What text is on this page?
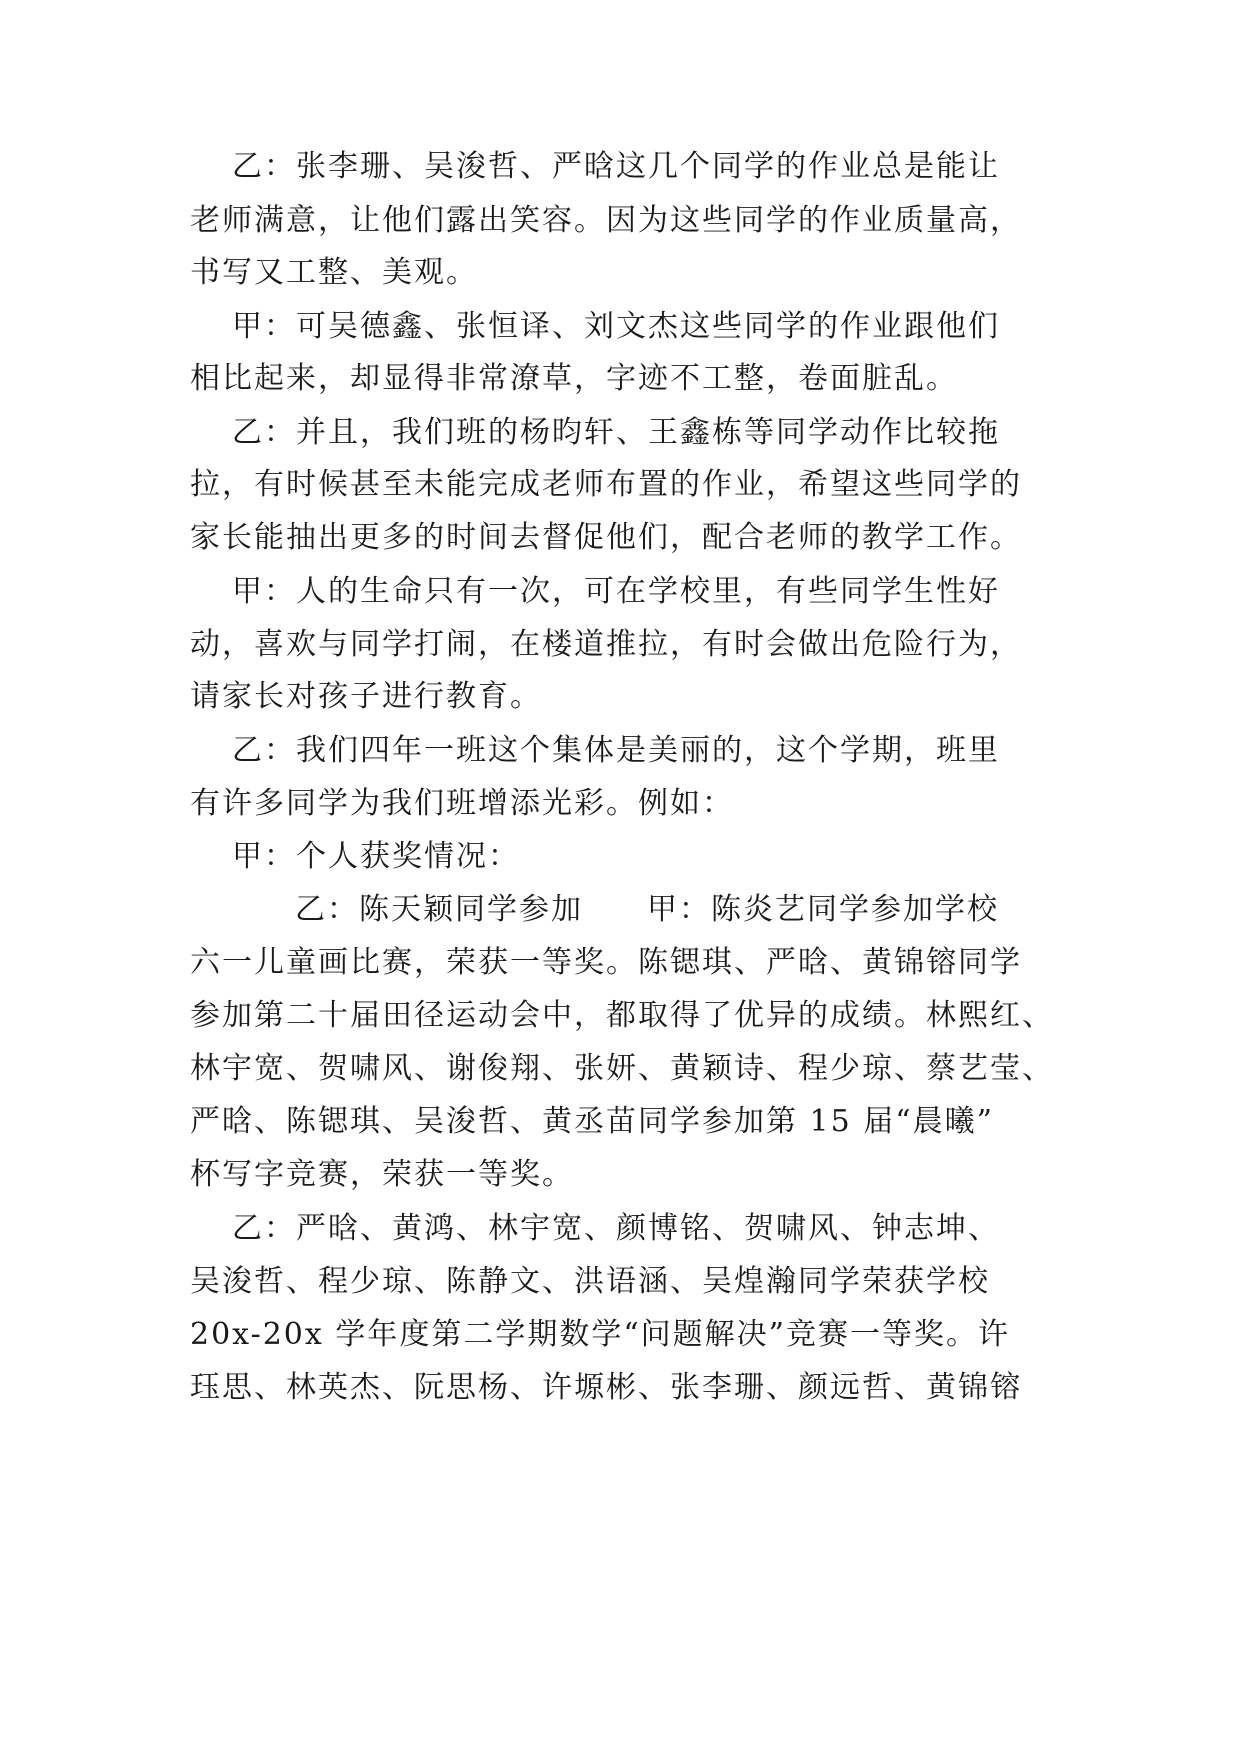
乙：张李珊、吴浚哲、严晗这几个同学的作业总是能让

老师满意，让他们露出笑容。因为这些同学的作业质量高，

书写又工整、美观。

甲：可吴德鑫、张恒译、刘文杰这些同学的作业跟他们

相比起来，却显得非常潦草，字迹不工整，卷面脏乱。

乙：并且，我们班的杨昀轩、王鑫栋等同学动作比较拖

拉，有时候甚至未能完成老师布置的作业，希望这些同学的

家长能抽出更多的时间去督促他们，配合老师的教学工作。

甲：人的生命只有一次，可在学校里，有些同学生性好

动，喜欢与同学打闹，在楼道推拉，有时会做出危险行为，

请家长对孩子进行教育。

乙：我们四年一班这个集体是美丽的，这个学期，班里

有许多同学为我们班增添光彩。例如：

甲：个人获奖情况：

乙：陈天颖同学参加　　甲：陈炎艺同学参加学校

六一儿童画比赛，荣获一等奖。陈锶琪、严晗、黄锦镕同学

参加第二十届田径运动会中，都取得了优异的成绩。林熙红、

林宇宽、贺啸风、谢俊翔、张妍、黄颖诗、程少琼、蔡艺莹、

严晗、陈锶琪、吴浚哲、黄丞苗同学参加第 15 届“晨曦”

杯写字竞赛，荣获一等奖。

乙：严晗、黄鸿、林宇宽、颜博铭、贺啸风、钟志坤、

吴浚哲、程少琼、陈静文、洪语涵、吴煌瀚同学荣获学校

20x-20x 学年度第二学期数学“问题解决”竞赛一等奖。许

珏思、林英杰、阮思杨、许塬彬、张李珊、颜远哲、黄锦镕
